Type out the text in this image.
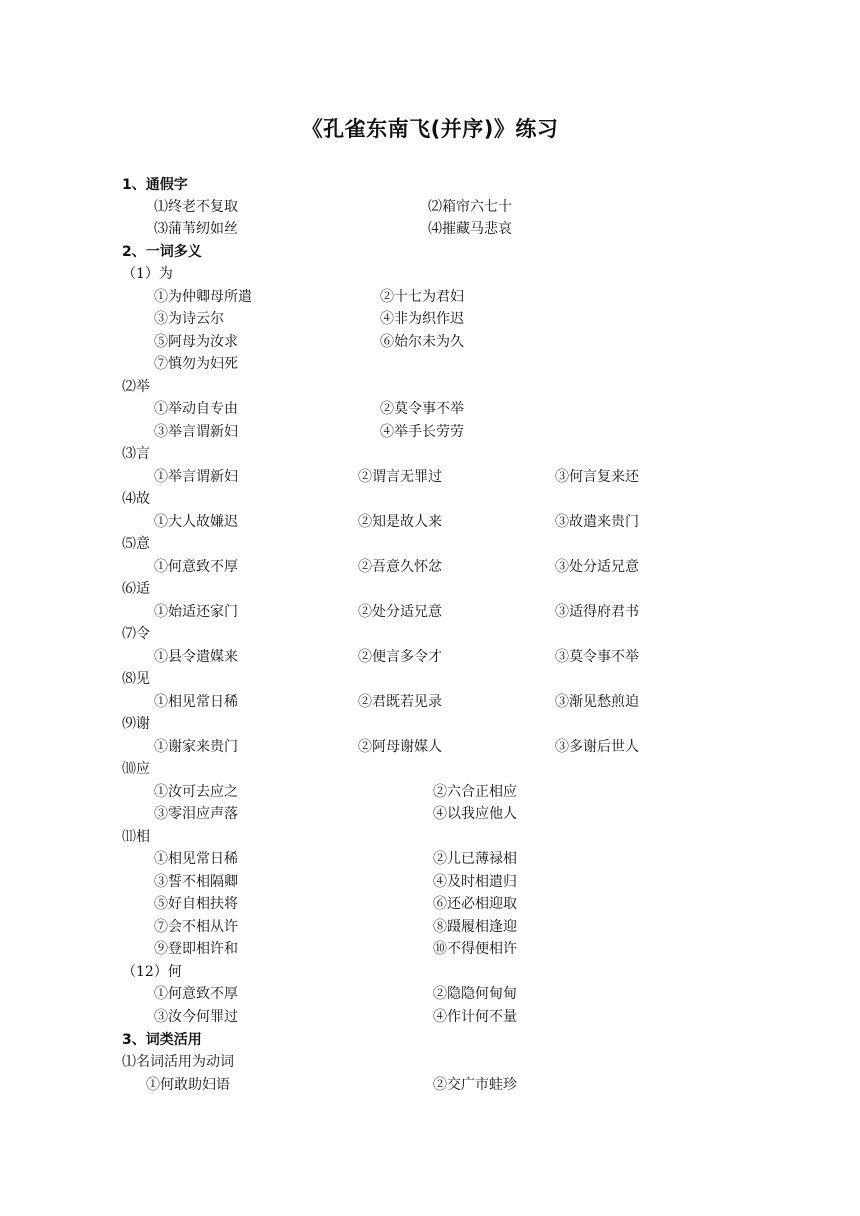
《孔雀东南飞(并序)》练习
1、通假字
⑴终老不复取	⑵箱帘六七十
⑶蒲苇纫如丝	⑷摧藏马悲哀
2、一词多义
（1）为
①为仲卿母所遣	②十七为君妇
③为诗云尔	④非为织作迟
⑤阿母为汝求	⑥始尔未为久
⑦慎勿为妇死
⑵举
①举动自专由	②莫令事不举
③举言谓新妇	④举手长劳劳
⑶言
①举言谓新妇	②谓言无罪过	③何言复来还
⑷故
①大人故嫌迟	②知是故人来	③故遣来贵门
⑸意
①何意致不厚	②吾意久怀忿	③处分适兄意
⑹适
①始适还家门	②处分适兄意	③适得府君书
⑺令
①县令遣媒来	②便言多令才	③莫令事不举
⑻见
①相见常日稀	②君既若见录	③渐见愁煎迫
⑼谢
①谢家来贵门	②阿母谢媒人	③多谢后世人
⑽应
①汝可去应之	②六合正相应
③零泪应声落	④以我应他人
⑾相
①相见常日稀	②儿已薄禄相
③誓不相隔卿	④及时相遣归
⑤好自相扶将	⑥还必相迎取
⑦会不相从许	⑧蹑履相逢迎
⑨登即相许和	⑩不得便相许
（12）何
①何意致不厚	②隐隐何甸甸
③汝今何罪过	④作计何不量
3、词类活用
⑴名词活用为动词
①何敢助妇语	②交广市蛙珍
